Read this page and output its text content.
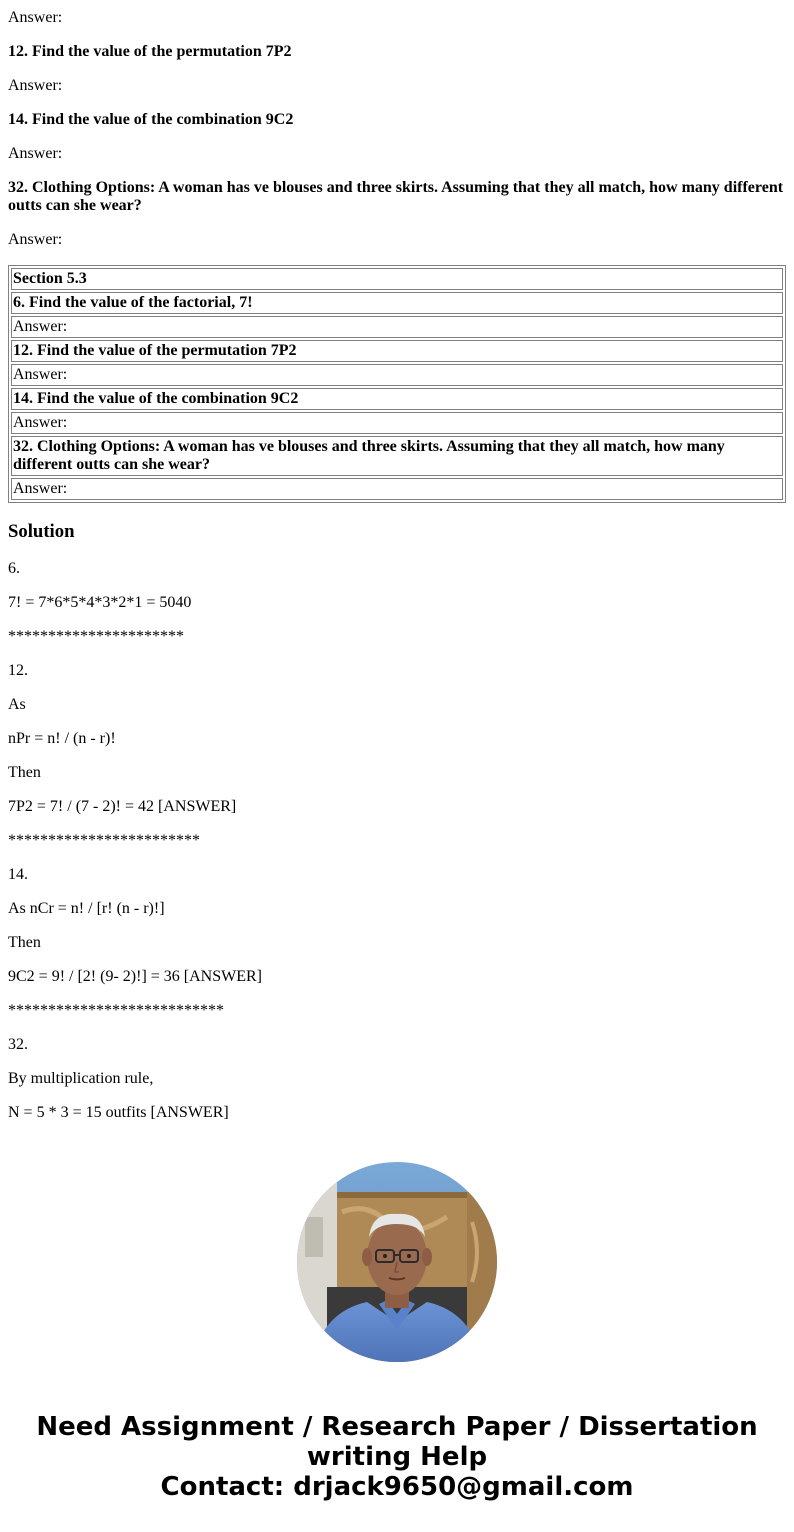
Answer:

12. Find the value of the permutation 7P2

Answer:

14. Find the value of the combination 9C2

Answer:

32. Clothing Options: A woman has ve blouses and three skirts. Assuming that they all match, how many different outts can she wear?

Answer:

Section 5.3
6. Find the value of the factorial, 7!
Answer:
12. Find the value of the permutation 7P2
Answer:
14. Find the value of the combination 9C2
Answer:
32. Clothing Options: A woman has ve blouses and three skirts. Assuming that they all match, how many different outts can she wear?
Answer:
Solution

6.

7! = 7*6*5*4*3*2*1 = 5040

**********************

12.

As

nPr = n! / (n - r)!

Then

7P2 = 7! / (7 - 2)! = 42 [ANSWER]

************************

14.

As nCr = n! / [r! (n - r)!]

Then

9C2 = 9! / [2! (9- 2)!] = 36 [ANSWER]

***************************

32.

By multiplication rule,

N = 5 * 3 = 15 outfits [ANSWER]

Need Assignment / Research Paper / Dissertation
writing Help
Contact: drjack9650@gmail.com
